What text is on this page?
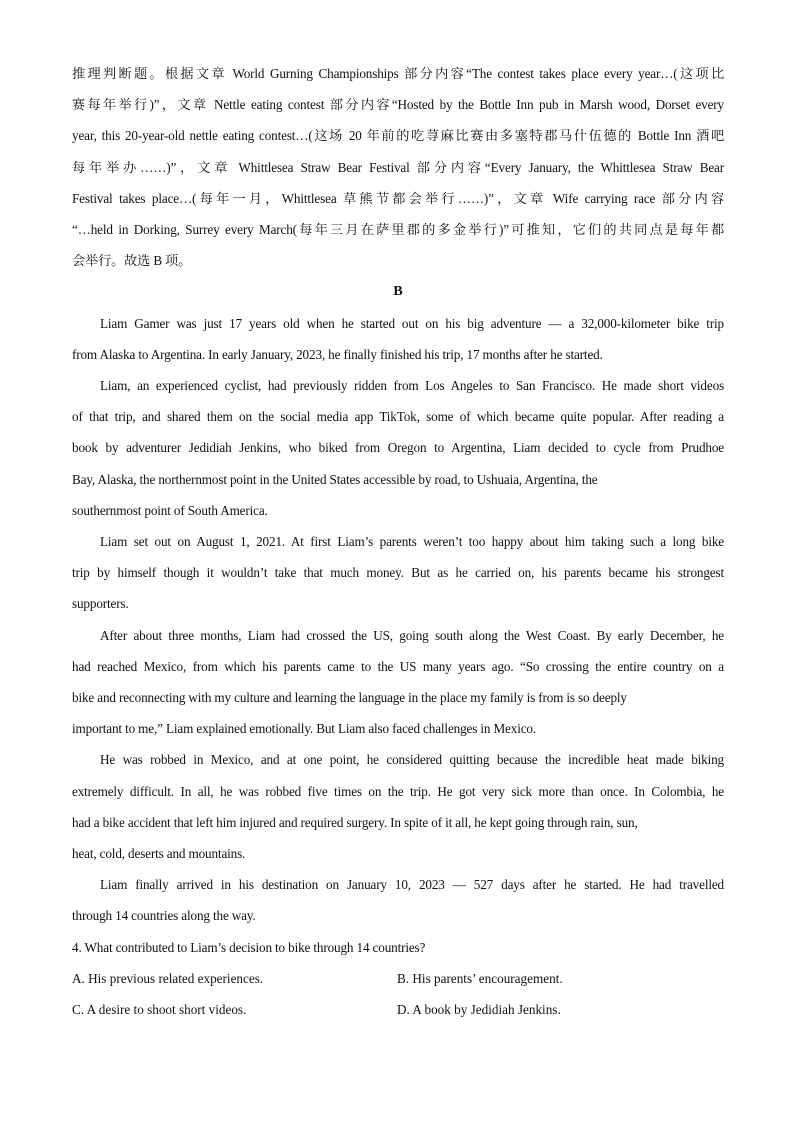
推理判断题。根据文章 World Gurning Championships 部分内容“The contest takes place every year…(这项比
赛每年举行)”，文章 Nettle eating contest 部分内容“Hosted by the Bottle Inn pub in Marsh wood, Dorset every
year, this 20-year-old nettle eating contest…(这场 20 年前的吃荨麻比赛由多塞特郡马什伍德的 Bottle Inn 酒吧
每年举办……)”，文章 Whittlesea Straw Bear Festival 部分内容“Every January, the Whittlesea Straw Bear
Festival takes place…(每年一月，Whittlesea 草熊节都会举行……)”，文章 Wife carrying race 部分内容
“…held in Dorking, Surrey every March(每年三月在萨里郡的多金举行)”可推知，它们的共同点是每年都
会举行。故选 B 项。
B
Liam Gamer was just 17 years old when he started out on his big adventure — a 32,000-kilometer bike trip
from Alaska to Argentina. In early January, 2023, he finally finished his trip, 17 months after he started.
Liam, an experienced cyclist, had previously ridden from Los Angeles to San Francisco. He made short videos
of that trip, and shared them on the social media app TikTok, some of which became quite popular. After reading a
book by adventurer Jedidiah Jenkins, who biked from Oregon to Argentina, Liam decided to cycle from Prudhoe
Bay, Alaska, the northernmost point in the United States accessible by road, to Ushuaia, Argentina, the
southernmost point of South America.
Liam set out on August 1, 2021. At first Liam’s parents weren’t too happy about him taking such a long bike
trip by himself though it wouldn’t take that much money. But as he carried on, his parents became his strongest
supporters.
After about three months, Liam had crossed the US, going south along the West Coast. By early December, he
had reached Mexico, from which his parents came to the US many years ago. “So crossing the entire country on a
bike and reconnecting with my culture and learning the language in the place my family is from is so deeply
important to me,” Liam explained emotionally. But Liam also faced challenges in Mexico.
He was robbed in Mexico, and at one point, he considered quitting because the incredible heat made biking
extremely difficult. In all, he was robbed five times on the trip. He got very sick more than once. In Colombia, he
had a bike accident that left him injured and required surgery. In spite of it all, he kept going through rain, sun,
heat, cold, deserts and mountains.
Liam finally arrived in his destination on January 10, 2023 — 527 days after he started. He had travelled
through 14 countries along the way.
4. What contributed to Liam’s decision to bike through 14 countries?
A. His previous related experiences.	B. His parents’ encouragement.
C. A desire to shoot short videos.	D. A book by Jedidiah Jenkins.
